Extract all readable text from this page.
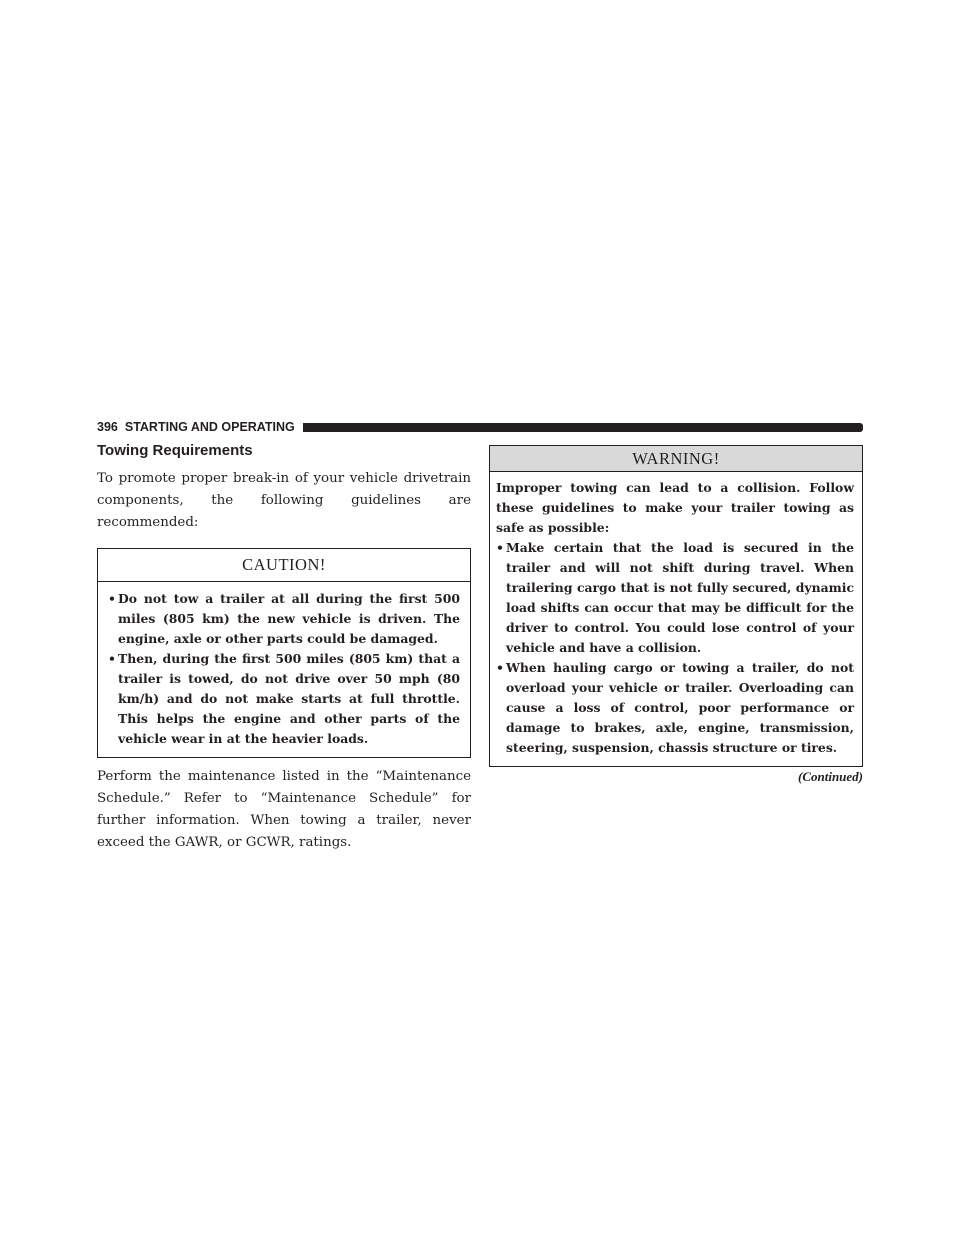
396 STARTING AND OPERATING
Towing Requirements

To promote proper break-in of your vehicle drivetrain components, the following guidelines are recommended:

CAUTION!
• Do not tow a trailer at all during the first 500 miles (805 km) the new vehicle is driven. The engine, axle or other parts could be damaged.
• Then, during the first 500 miles (805 km) that a trailer is towed, do not drive over 50 mph (80 km/h) and do not make starts at full throttle. This helps the engine and other parts of the vehicle wear in at the heavier loads.

Perform the maintenance listed in the “Maintenance Schedule.” Refer to “Maintenance Schedule” for further information. When towing a trailer, never exceed the GAWR, or GCWR, ratings.

WARNING!

Improper towing can lead to a collision. Follow these guidelines to make your trailer towing as safe as possible:

• Make certain that the load is secured in the trailer and will not shift during travel. When trailering cargo that is not fully secured, dynamic load shifts can occur that may be difficult for the driver to control. You could lose control of your vehicle and have a collision.
• When hauling cargo or towing a trailer, do not overload your vehicle or trailer. Overloading can cause a loss of control, poor performance or damage to brakes, axle, engine, transmission, steering, suspension, chassis structure or tires.
(Continued)
